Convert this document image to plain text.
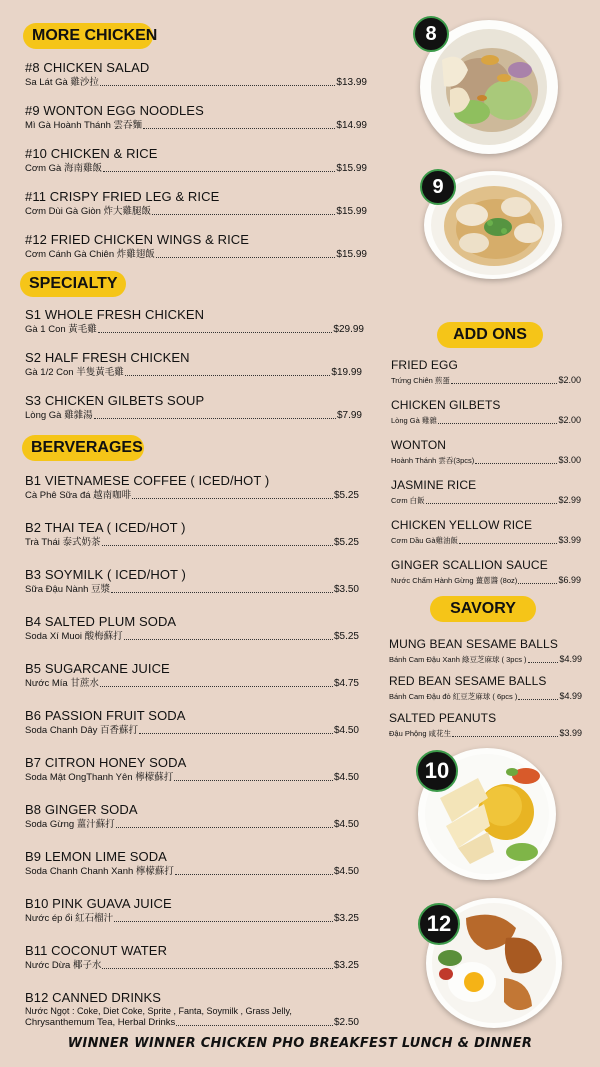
MORE CHICKEN
SPECIALTY
BERVERAGES
ADD ONS
SAVORY
#8 CHICKEN SALAD
Sa Lát Gà 雞沙拉	$13.99
#9 WONTON EGG NOODLES
Mì Gà Hoành Thánh 雲吞麵	$14.99
#10 CHICKEN & RICE
Cơm Gà 海南雞飯	$15.99
#11 CRISPY FRIED LEG & RICE
Cơm Dùi Gà Giòn 炸大雞腿飯	$15.99
#12 FRIED CHICKEN WINGS & RICE
Cơm Cánh Gà Chiên 炸雞翅飯	$15.99
S1 WHOLE FRESH CHICKEN
Gà 1 Con 黃毛雞	$29.99
S2 HALF FRESH CHICKEN
Gà 1/2 Con 半隻黃毛雞	$19.99
S3 CHICKEN GILBETS SOUP
Lòng Gà 雞雜湯	$7.99
B1 VIETNAMESE COFFEE ( ICED/HOT )
Cà Phê Sữa đá 越南咖啡	$5.25
B2 THAI TEA ( ICED/HOT )
Trà Thái 泰式奶茶	$5.25
B3 SOYMILK ( ICED/HOT )
Sữa Đậu Nành 豆漿	$3.50
B4 SALTED PLUM SODA
Soda Xí Muoi 酸梅蘇打	$5.25
B5 SUGARCANE JUICE
Nước Mía 甘蔗水	$4.75
B6 PASSION FRUIT SODA
Soda Chanh Dây 百香蘇打	$4.50
B7 CITRON HONEY SODA
Soda Mật OngThanh Yên 檸檬蘇打	$4.50
B8 GINGER SODA
Soda Gừng 薑汁蘇打	$4.50
B9 LEMON LIME SODA
Soda Chanh Chanh Xanh 檸檬蘇打	$4.50
B10 PINK GUAVA JUICE
Nước ép ổi 紅石榴汁	$3.25
B11 COCONUT WATER
Nước Dừa 椰子水	$3.25
B12 CANNED DRINKS
Nước Ngọt : Coke, Diet Coke, Sprite , Fanta, Soymilk , Grass Jelly,
Chrysanthemum Tea, Herbal Drinks	$2.50
FRIED EGG
Trứng Chiên 煎蛋	$2.00
CHICKEN GILBETS
Lòng Gà 雞雜	$2.00
WONTON
Hoành Thánh 雲吞(3pcs)	$3.00
JASMINE RICE
Cơm 白飯	$2.99
CHICKEN YELLOW RICE
Cơm Dầu Gà雞油飯	$3.99
GINGER SCALLION SAUCE
Nước Chấm Hành Gừng 薑蔥醬 (8oz)	$6.99
MUNG BEAN SESAME BALLS
Bánh Cam Đậu Xanh 綠豆芝麻球 ( 3pcs )	$4.99
RED BEAN SESAME BALLS
Bánh Cam Đậu đỏ 紅豆芝麻球 ( 6pcs )	$4.99
SALTED PEANUTS
Đậu Phộng 咸花生	$3.99
8
9
10
12
WINNER WINNER CHICKEN PHO BREAKFEST LUNCH & DINNER
